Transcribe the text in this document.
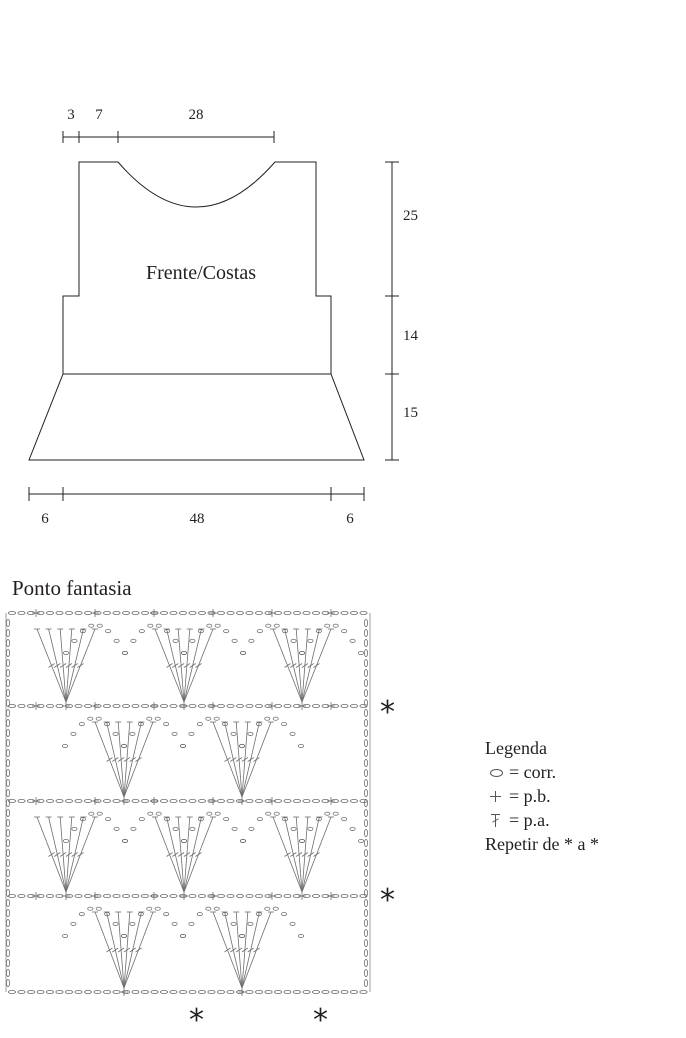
Frente/Costas
3 7	28
25
14
15
6	48	6
Ponto fantasia
*
*
*	*
Legenda
= corr.
= p.b.
= p.a.
Repetir de * a *
